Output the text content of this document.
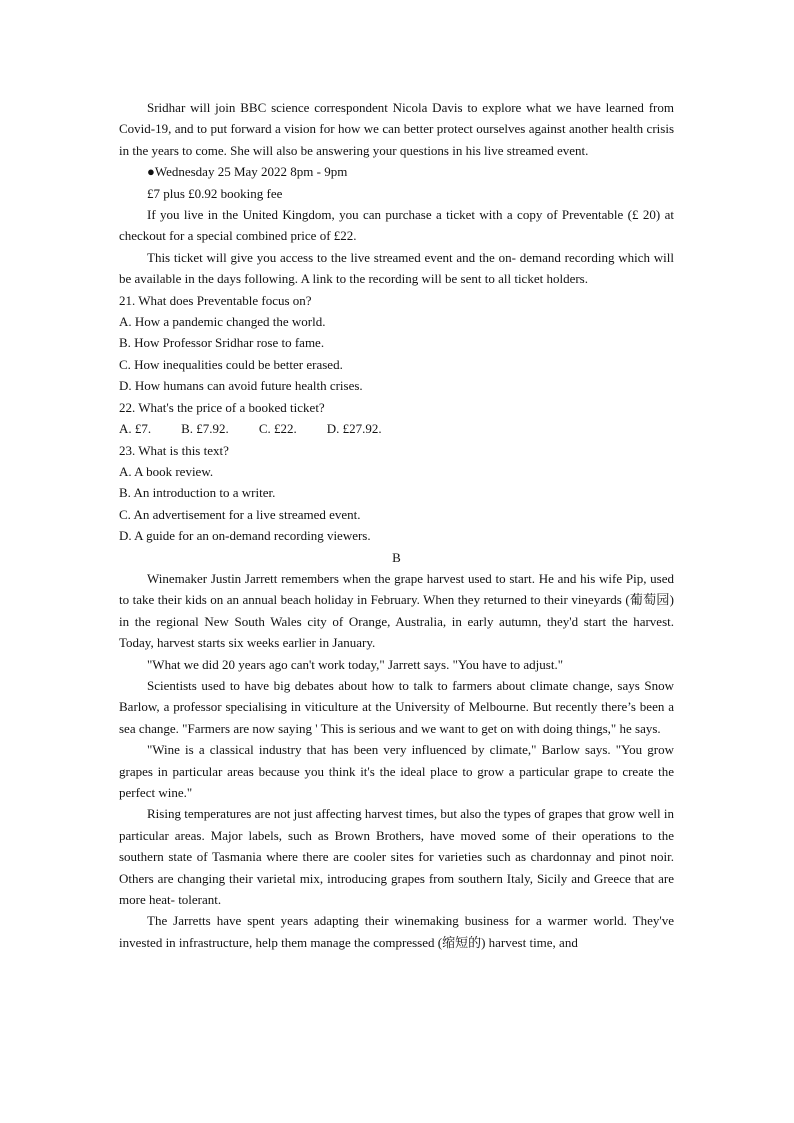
Sridhar will join BBC science correspondent Nicola Davis to explore what we have learned from Covid-19, and to put forward a vision for how we can better protect ourselves against another health crisis in the years to come. She will also be answering your questions in his live streamed event.

●Wednesday 25 May 2022 8pm - 9pm

£7 plus £0.92 booking fee

If you live in the United Kingdom, you can purchase a ticket with a copy of Preventable (£ 20) at checkout for a special combined price of £22.

This ticket will give you access to the live streamed event and the on- demand recording which will be available in the days following. A link to the recording will be sent to all ticket holders.

21. What does Preventable focus on?

A. How a pandemic changed the world.

B. How Professor Sridhar rose to fame.

C. How inequalities could be better erased.

D. How humans can avoid future health crises.

22. What's the price of a booked ticket?

A. £7. B. £7.92. C. £22. D. £27.92.

23. What is this text?

A. A book review.

B. An introduction to a writer.

C. An advertisement for a live streamed event.

D. A guide for an on-demand recording viewers.

B

Winemaker Justin Jarrett remembers when the grape harvest used to start. He and his wife Pip, used to take their kids on an annual beach holiday in February. When they returned to their vineyards (葡萄园) in the regional New South Wales city of Orange, Australia, in early autumn, they'd start the harvest. Today, harvest starts six weeks earlier in January.

"What we did 20 years ago can't work today," Jarrett says. "You have to adjust."

Scientists used to have big debates about how to talk to farmers about climate change, says Snow Barlow, a professor specialising in viticulture at the University of Melbourne. But recently there’s been a sea change. "Farmers are now saying ' This is serious and we want to get on with doing things," he says.

"Wine is a classical industry that has been very influenced by climate," Barlow says. "You grow grapes in particular areas because you think it's the ideal place to grow a particular grape to create the perfect wine."

Rising temperatures are not just affecting harvest times, but also the types of grapes that grow well in particular areas. Major labels, such as Brown Brothers, have moved some of their operations to the southern state of Tasmania where there are cooler sites for varieties such as chardonnay and pinot noir. Others are changing their varietal mix, introducing grapes from southern Italy, Sicily and Greece that are more heat- tolerant.

The Jarretts have spent years adapting their winemaking business for a warmer world. They've invested in infrastructure, help them manage the compressed (缩短的) harvest time, and
